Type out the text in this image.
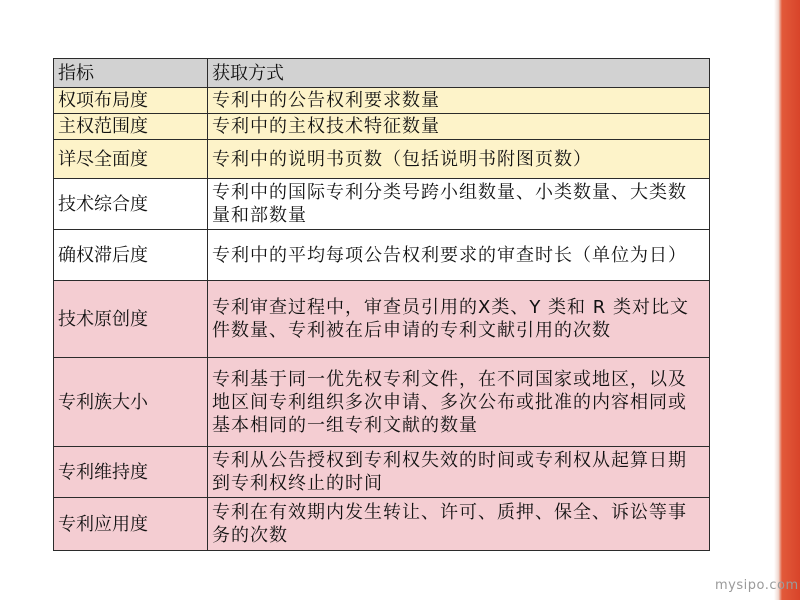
指标	获取方式
权项布局度	专利中的公告权利要求数量

主权范围度	专利中的主权技术特征数量

详尽全面度	专利中的说明书页数（包括说明书附图页数）

技术综合度	专利中的国际专利分类号跨小组数量、小类数量、大类数量和部数量

确权滞后度	专利中的平均每项公告权利要求的审查时长（单位为日）

技术原创度	专利审查过程中，审查员引用的X类、Y 类和 R 类对比文件数量、专利被在后申请的专利文献引用的次数

专利族大小	专利基于同一优先权专利文件，在不同国家或地区，以及地区间专利组织多次申请、多次公布或批准的内容相同或基本相同的一组专利文献的数量

专利维持度	专利从公告授权到专利权失效的时间或专利权从起算日期到专利权终止的时间

专利应用度	专利在有效期内发生转让、许可、质押、保全、诉讼等事务的次数
mysipo.com
